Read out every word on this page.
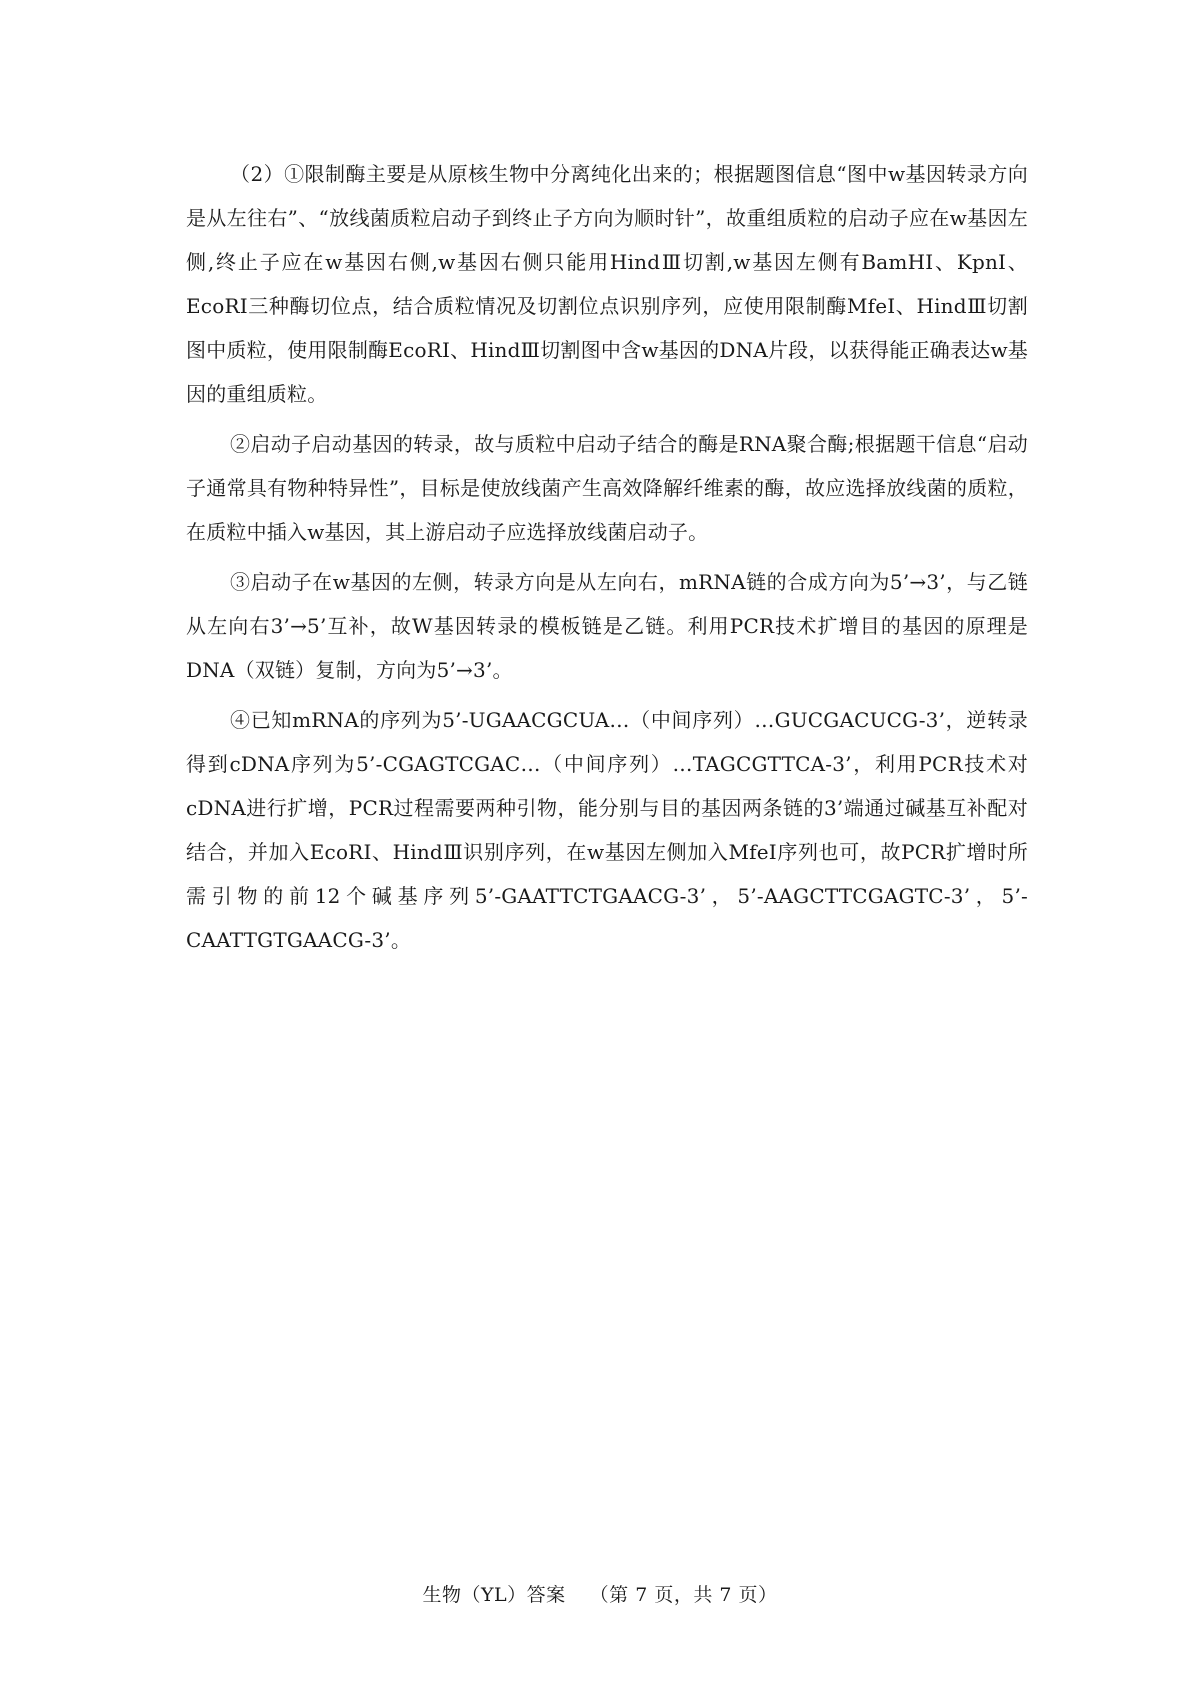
（2）①限制酶主要是从原核生物中分离纯化出来的；根据题图信息“图中w基因转录方向是从左往右”、“放线菌质粒启动子到终止子方向为顺时针”，故重组质粒的启动子应在w基因左侧,终止子应在w基因右侧,w基因右侧只能用HindⅢ切割,w基因左侧有BamHI、KpnI、EcoRI三种酶切位点，结合质粒情况及切割位点识别序列，应使用限制酶MfeI、HindⅢ切割图中质粒，使用限制酶EcoRI、HindⅢ切割图中含w基因的DNA片段，以获得能正确表达w基因的重组质粒。

②启动子启动基因的转录，故与质粒中启动子结合的酶是RNA聚合酶;根据题干信息“启动子通常具有物种特异性”，目标是使放线菌产生高效降解纤维素的酶，故应选择放线菌的质粒，在质粒中插入w基因，其上游启动子应选择放线菌启动子。

③启动子在w基因的左侧，转录方向是从左向右，mRNA链的合成方向为5’→3’，与乙链从左向右3’→5’互补，故W基因转录的模板链是乙链。利用PCR技术扩增目的基因的原理是DNA（双链）复制，方向为5’→3’。

④已知mRNA的序列为5’-UGAACGCUA…（中间序列）…GUCGACUCG-3’，逆转录得到cDNA序列为5’-CGAGTCGAC…（中间序列）…TAGCGTTCA-3’，利用PCR技术对cDNA进行扩增，PCR过程需要两种引物，能分别与目的基因两条链的3’端通过碱基互补配对结合，并加入EcoRI、HindⅢ识别序列，在w基因左侧加入MfeI序列也可，故PCR扩增时所需引物的前12个碱基序列5’-GAATTCTGAACG-3’，5’-AAGCTTCGAGTC-3’，5’-CAATTGTGAACG-3’。

生物（YL）答案 （第 7 页，共 7 页）
